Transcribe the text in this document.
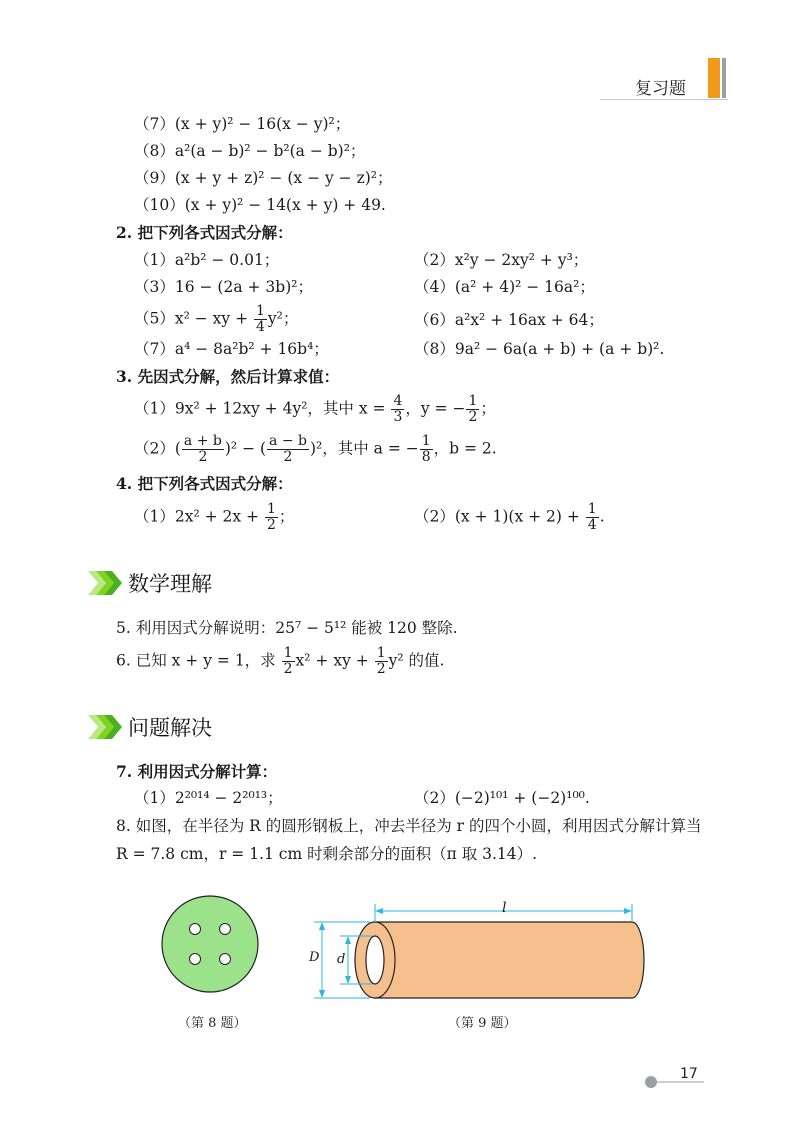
复习题
（7）(x + y)² − 16(x − y)²；
（8）a²(a − b)² − b²(a − b)²；
（9）(x + y + z)² − (x − y − z)²；
（10）(x + y)² − 14(x + y) + 49.
2. 把下列各式因式分解：
（1）a²b² − 0.01；	（2）x²y − 2xy² + y³；
（3）16 − (2a + 3b)²；	（4）(a² + 4)² − 16a²；
（5）x² − xy + $\frac{1}{4} y^2$；	（6）a²x² + 16ax + 64；
（7）a⁴ − 8a²b² + 16b⁴；	（8）9a² − 6a(a + b) + (a + b)².
3. 先因式分解，然后计算求值：
（1）9x² + 12xy + 4y²，其中 $x = \frac{4}{3}$ ，y = − $\frac{1}{2}$ ；
$(2)( \frac{a + b}{2} )^2$ − ( $\frac{a - b}{2} )^2$，其中 a = − $\frac{1}{8}$ ，b = 2.
4. 把下列各式因式分解：
$(1)2x^2 + 2x + \frac{1}{2}$ ；	$(2)(x + 1)(x + 2) + \frac{1}{4}$ .
数学理解
5. 利用因式分解说明：25⁷ − 5¹² 能被 120 整除.
6. 已知 x + y = 1，求 $\frac{1}{2} x^2$ + xy + $\frac{1}{2} y^2$ 的值.
问题解决
7. 利用因式分解计算：
（1）2²⁰¹⁴ − 2²⁰¹³；	（2）(−2)¹⁰¹ + (−2)¹⁰⁰.
8. 如图，在半径为 R 的圆形钢板上，冲去半径为 r 的四个小圆，利用因式分解计算当
R = 7.8 cm，r = 1.1 cm 时剩余部分的面积（π 取 3.14）.
（第 8 题）
l
D d
（第 9 题）
17
